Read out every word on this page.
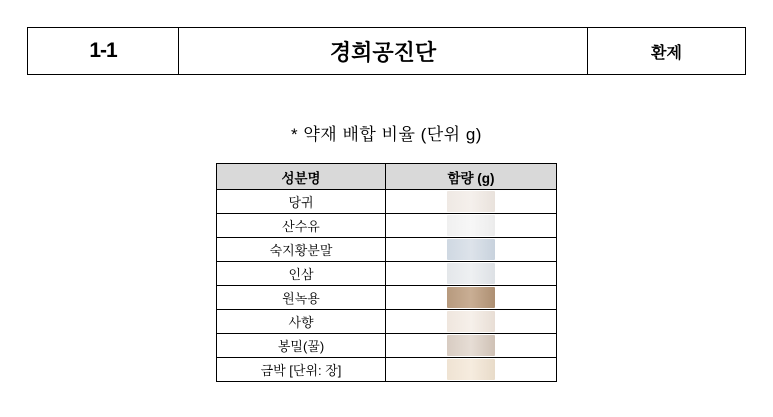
1-1	경희공진단	환제
* 약재 배합 비율 (단위 g)
성분명	함량 (g)
당귀	

산수유	

숙지황분말	

인삼	

원녹용	

사향	

봉밀(꿀)	

금박 [단위: 장]	
